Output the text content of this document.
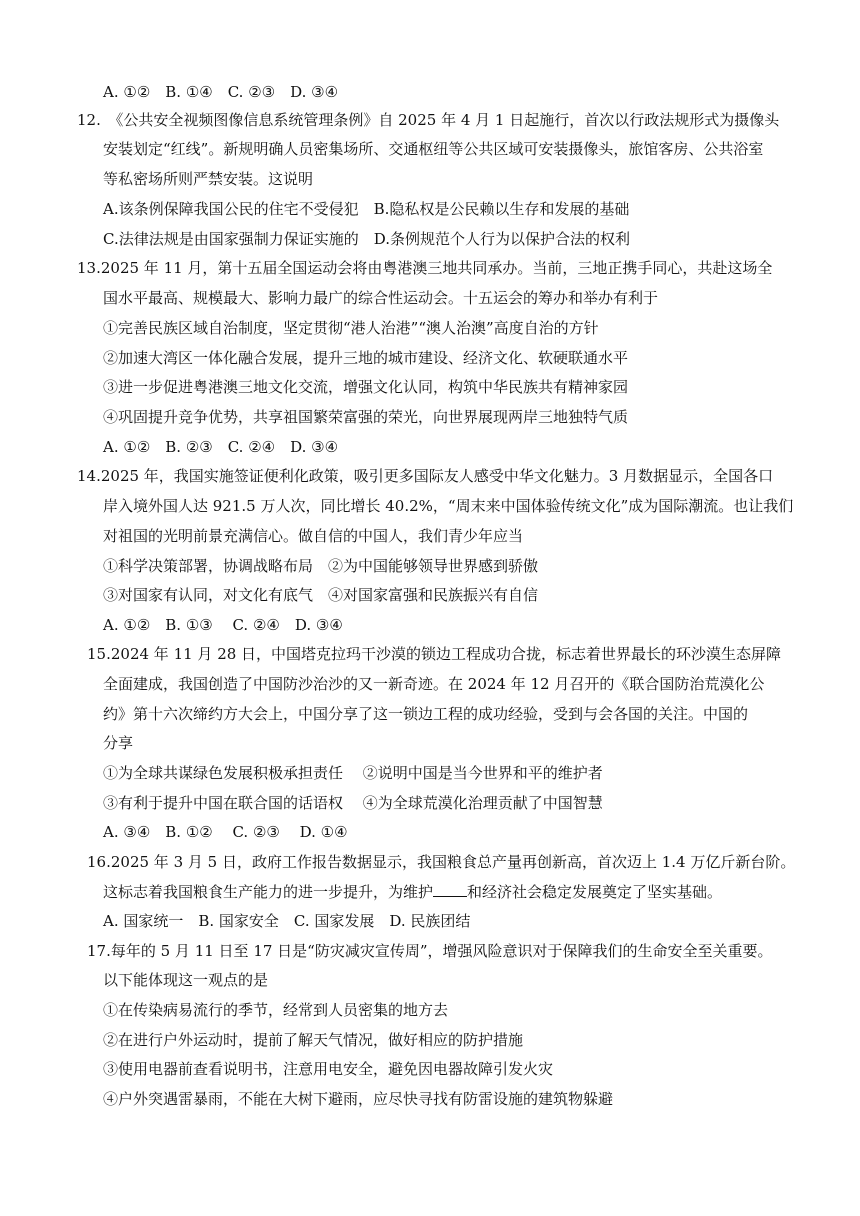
A. ①②　B. ①④　C. ②③　D. ③④
12.　《公共安全视频图像信息系统管理条例》自 2025 年 4 月 1 日起施行，首次以行政法规形式为摄像头
安装划定“红线”。新规明确人员密集场所、交通枢纽等公共区域可安装摄像头，旅馆客房、公共浴室
等私密场所则严禁安装。这说明
A.该条例保障我国公民的住宅不受侵犯　B.隐私权是公民赖以生存和发展的基础
C.法律法规是由国家强制力保证实施的　D.条例规范个人行为以保护合法的权利
13.2025 年 11 月，第十五届全国运动会将由粤港澳三地共同承办。当前，三地正携手同心，共赴这场全
国水平最高、规模最大、影响力最广的综合性运动会。十五运会的筹办和举办有利于
①完善民族区域自治制度，坚定贯彻“港人治港”“澳人治澳”高度自治的方针
②加速大湾区一体化融合发展，提升三地的城市建设、经济文化、软硬联通水平
③进一步促进粤港澳三地文化交流，增强文化认同，构筑中华民族共有精神家园
④巩固提升竞争优势，共享祖国繁荣富强的荣光，向世界展现两岸三地独特气质
A. ①②　B. ②③　C. ②④　D. ③④
14.2025 年，我国实施签证便利化政策，吸引更多国际友人感受中华文化魅力。3 月数据显示，全国各口
岸入境外国人达 921.5 万人次，同比增长 40.2%，“周末来中国体验传统文化”成为国际潮流。也让我们
对祖国的光明前景充满信心。做自信的中国人，我们青少年应当
①科学决策部署，协调战略布局　②为中国能够领导世界感到骄傲
③对国家有认同，对文化有底气　④对国家富强和民族振兴有自信
A. ①②　B. ①③　 C. ②④　D. ③④
15.2024 年 11 月 28 日，中国塔克拉玛干沙漠的锁边工程成功合拢，标志着世界最长的环沙漠生态屏障
全面建成，我国创造了中国防沙治沙的又一新奇迹。在 2024 年 12 月召开的《联合国防治荒漠化公
约》第十六次缔约方大会上，中国分享了这一锁边工程的成功经验，受到与会各国的关注。中国的
分享
①为全球共谋绿色发展积极承担责任　 ②说明中国是当今世界和平的维护者
③有利于提升中国在联合国的话语权　 ④为全球荒漠化治理贡献了中国智慧
A. ③④　B. ①②　 C. ②③　 D. ①④
16.2025 年 3 月 5 日，政府工作报告数据显示，我国粮食总产量再创新高，首次迈上 1.4 万亿斤新台阶。
这标志着我国粮食生产能力的进一步提升，为维护 和经济社会稳定发展奠定了坚实基础。
A. 国家统一　B. 国家安全　C. 国家发展　D. 民族团结
17.每年的 5 月 11 日至 17 日是“防灾减灾宣传周”，增强风险意识对于保障我们的生命安全至关重要。
以下能体现这一观点的是
①在传染病易流行的季节，经常到人员密集的地方去
②在进行户外运动时，提前了解天气情况，做好相应的防护措施
③使用电器前查看说明书，注意用电安全，避免因电器故障引发火灾
④户外突遇雷暴雨，不能在大树下避雨，应尽快寻找有防雷设施的建筑物躲避
